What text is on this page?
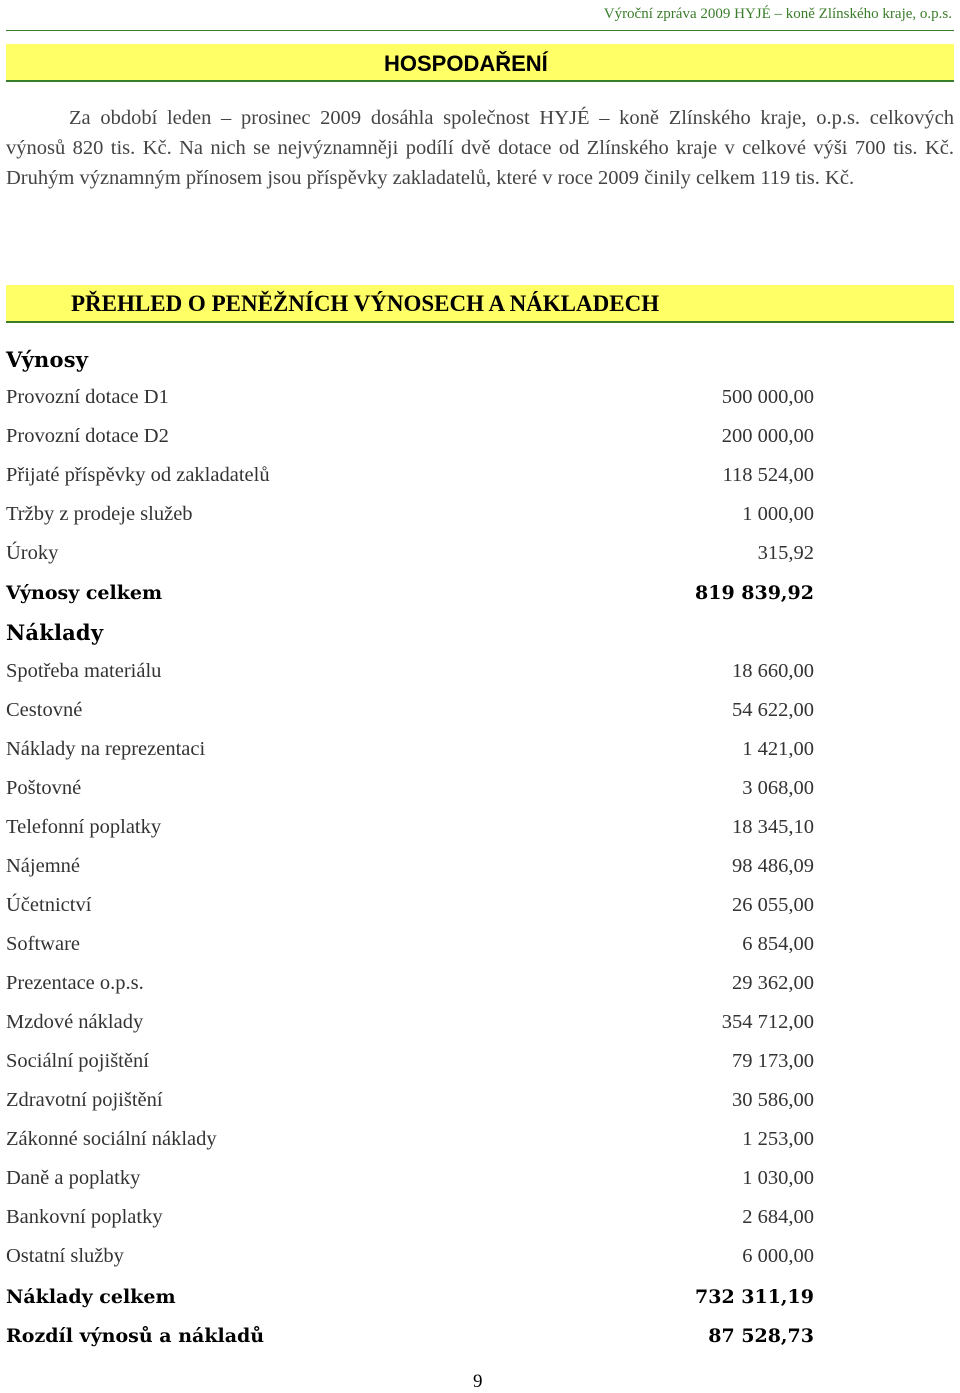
Výroční zpráva 2009 HYJÉ – koně Zlínského kraje, o.p.s.
HOSPODAŘENÍ
Za období leden – prosinec 2009 dosáhla společnost HYJÉ – koně Zlínského kraje, o.p.s. celkových výnosů 820 tis. Kč. Na nich se nejvýznamněji podílí dvě dotace od Zlínského kraje v celkové výši 700 tis. Kč. Druhým významným přínosem jsou příspěvky zakladatelů, které v roce 2009 činily celkem 119 tis. Kč.
PŘEHLED O PENĚŽNÍCH VÝNOSECH A NÁKLADECH
Výnosy
Provozní dotace D1	500 000,00
Provozní dotace D2	200 000,00
Přijaté příspěvky od zakladatelů	118 524,00
Tržby z prodeje služeb	1 000,00
Úroky	315,92
Výnosy celkem	819 839,92
Náklady
Spotřeba materiálu	18 660,00
Cestovné	54 622,00
Náklady na reprezentaci	1 421,00
Poštovné	3 068,00
Telefonní poplatky	18 345,10
Nájemné	98 486,09
Účetnictví	26 055,00
Software	6 854,00
Prezentace o.p.s.	29 362,00
Mzdové náklady	354 712,00
Sociální pojištění	79 173,00
Zdravotní pojištění	30 586,00
Zákonné sociální náklady	1 253,00
Daně a poplatky	1 030,00
Bankovní poplatky	2 684,00
Ostatní služby	6 000,00
Náklady celkem	732 311,19
Rozdíl výnosů a nákladů	87 528,73
9
